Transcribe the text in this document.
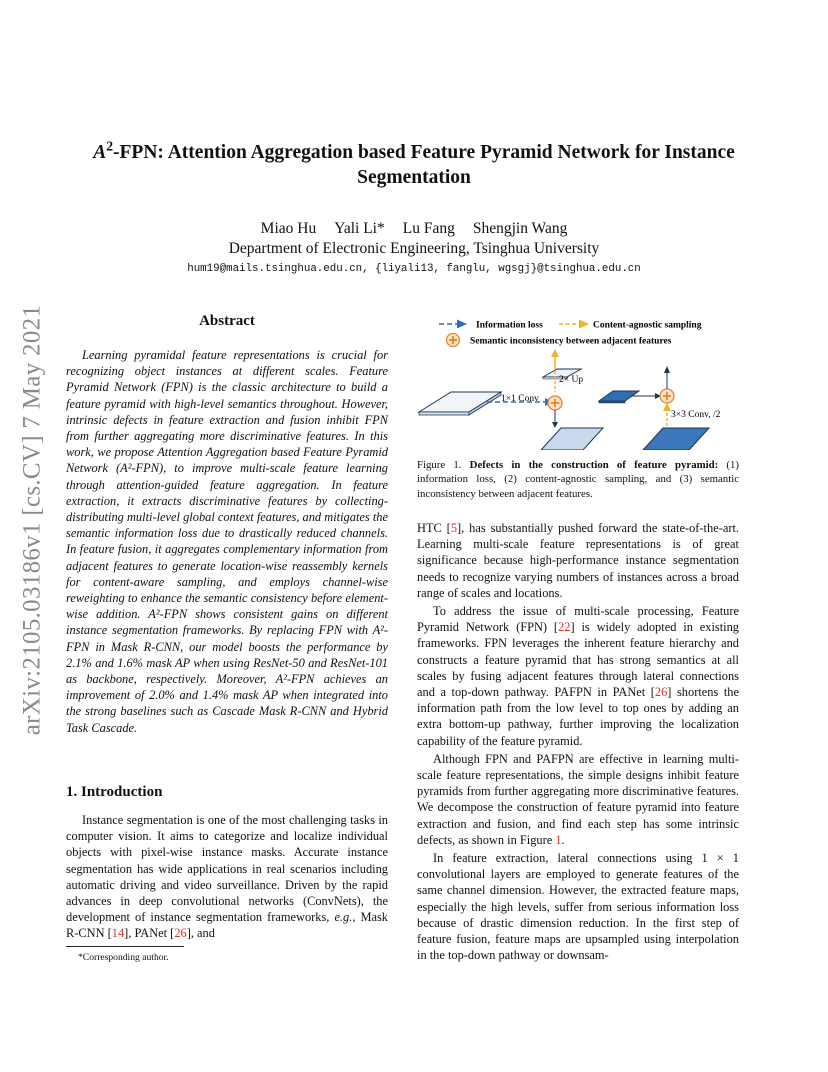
arXiv:2105.03186v1 [cs.CV] 7 May 2021
$A^2$-FPN: Attention Aggregation based Feature Pyramid Network for Instance
Segmentation
Miao Hu Yali Li* Lu Fang Shengjin Wang
Department of Electronic Engineering, Tsinghua University
hum19@mails.tsinghua.edu.cn, {liyali13, fanglu, wgsgj}@tsinghua.edu.cn
Abstract
Learning pyramidal feature representations is crucial for recognizing object instances at different scales. Feature Pyramid Network (FPN) is the classic architecture to build a feature pyramid with high-level semantics throughout. However, intrinsic defects in feature extraction and fusion inhibit FPN from further aggregating more discriminative features. In this work, we propose Attention Aggregation based Feature Pyramid Network (A²-FPN), to improve multi-scale feature learning through attention-guided feature aggregation. In feature extraction, it extracts discriminative features by collecting-distributing multi-level global context features, and mitigates the semantic information loss due to drastically reduced channels. In feature fusion, it aggregates complementary information from adjacent features to generate location-wise reassembly kernels for content-aware sampling, and employs channel-wise reweighting to enhance the semantic consistency before element-wise addition. A²-FPN shows consistent gains on different instance segmentation frameworks. By replacing FPN with A²-FPN in Mask R-CNN, our model boosts the performance by 2.1% and 1.6% mask AP when using ResNet-50 and ResNet-101 as backbone, respectively. Moreover, A²-FPN achieves an improvement of 2.0% and 1.4% mask AP when integrated into the strong baselines such as Cascade Mask R-CNN and Hybrid Task Cascade.
1. Introduction
Instance segmentation is one of the most challenging tasks in computer vision. It aims to categorize and localize individual objects with pixel-wise instance masks. Accurate instance segmentation has wide applications in real scenarios including automatic driving and video surveillance. Driven by the rapid advances in deep convolutional networks (ConvNets), the development of instance segmentation frameworks, e.g., Mask R-CNN [14], PANet [26], and
*Corresponding author.
Information loss	Content-agnostic sampling
Semantic inconsistency between adjacent features
1×1 Conv
2× Up
3×3 Conv, /2
Figure 1. Defects in the construction of feature pyramid: (1) information loss, (2) content-agnostic sampling, and (3) semantic inconsistency between adjacent features.

HTC [5], has substantially pushed forward the state-of-the-art. Learning multi-scale feature representations is of great significance because high-performance instance segmentation needs to recognize varying numbers of instances across a broad range of scales and locations.

To address the issue of multi-scale processing, Feature Pyramid Network (FPN) [22] is widely adopted in existing frameworks. FPN leverages the inherent feature hierarchy and constructs a feature pyramid that has strong semantics at all scales by fusing adjacent features through lateral connections and a top-down pathway. PAFPN in PANet [26] shortens the information path from the low level to top ones by adding an extra bottom-up pathway, further improving the localization capability of the feature pyramid.

Although FPN and PAFPN are effective in learning multi-scale feature representations, the simple designs inhibit feature pyramids from further aggregating more discriminative features. We decompose the construction of feature pyramid into feature extraction and fusion, and find each step has some intrinsic defects, as shown in Figure 1.

In feature extraction, lateral connections using 1 × 1 convolutional layers are employed to generate features of the same channel dimension. However, the extracted feature maps, especially the high levels, suffer from serious information loss because of drastic dimension reduction. In the first step of feature fusion, feature maps are upsampled using interpolation in the top-down pathway or downsam-
